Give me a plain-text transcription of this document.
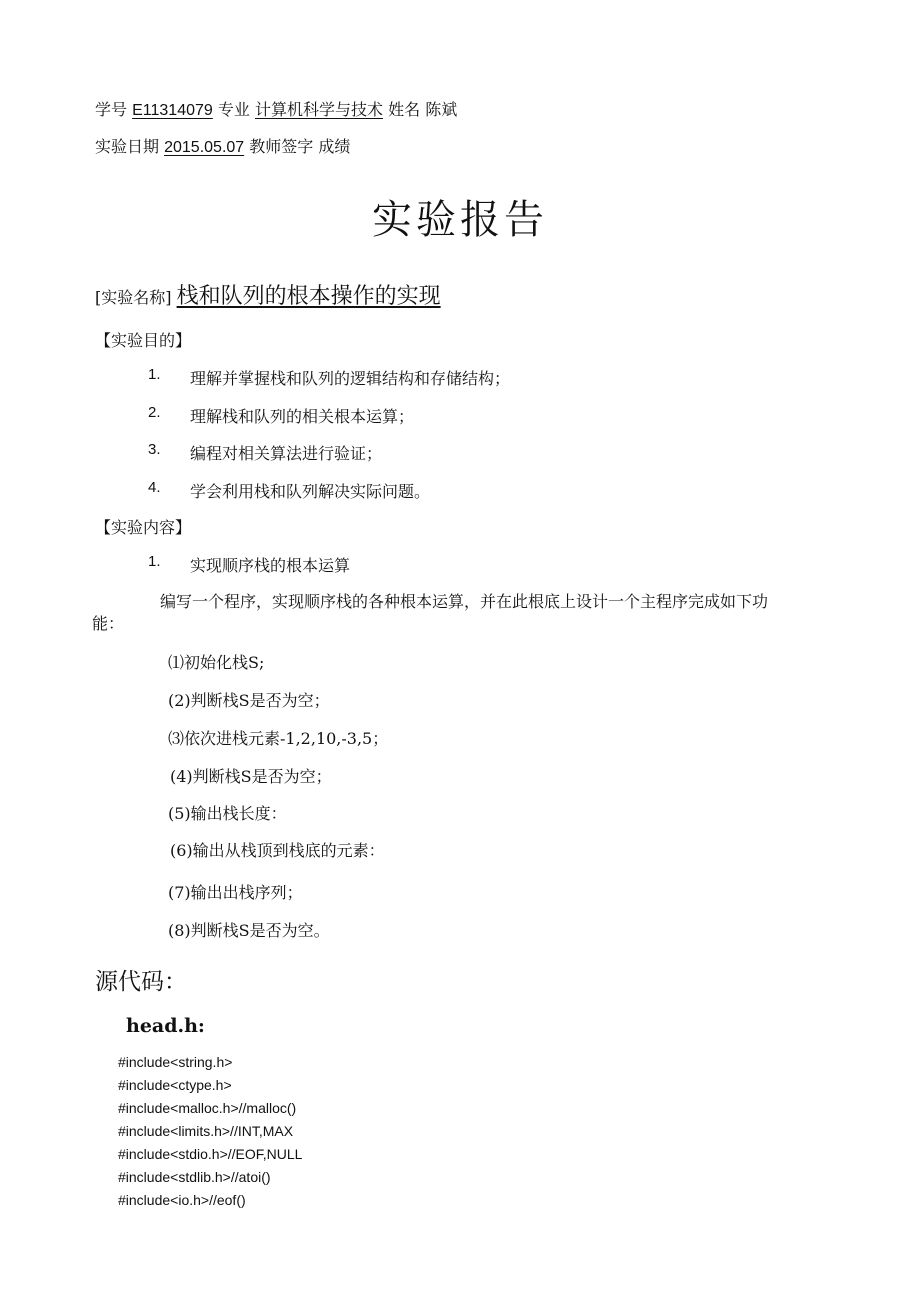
学号 E11314079 专业 计算机科学与技术 姓名 陈斌
实验日期 2015.05.07 教师签字 成绩
实验报告
[实验名称] 栈和队列的根本操作的实现
【实验目的】
1. 理解并掌握栈和队列的逻辑结构和存储结构；
2. 理解栈和队列的相关根本运算；
3. 编程对相关算法进行验证；
4. 学会利用栈和队列解决实际问题。
【实验内容】
1. 实现顺序栈的根本运算
编写一个程序，实现顺序栈的各种根本运算，并在此根底上设计一个主程序完成如下功
能：
⑴初始化栈S;
(2)判断栈S是否为空；
⑶依次进栈元素-1,2,10,-3,5；
(4)判断栈S是否为空；
(5)输出栈长度：
(6)输出从栈顶到栈底的元素：
(7)输出出栈序列；
(8)判断栈S是否为空。
源代码：
head.h:
#include<string.h>
#include<ctype.h>
#include<malloc.h>//malloc()
#include<limits.h>//INT,MAX
#include<stdio.h>//EOF,NULL
#include<stdlib.h>//atoi()
#include<io.h>//eof()
